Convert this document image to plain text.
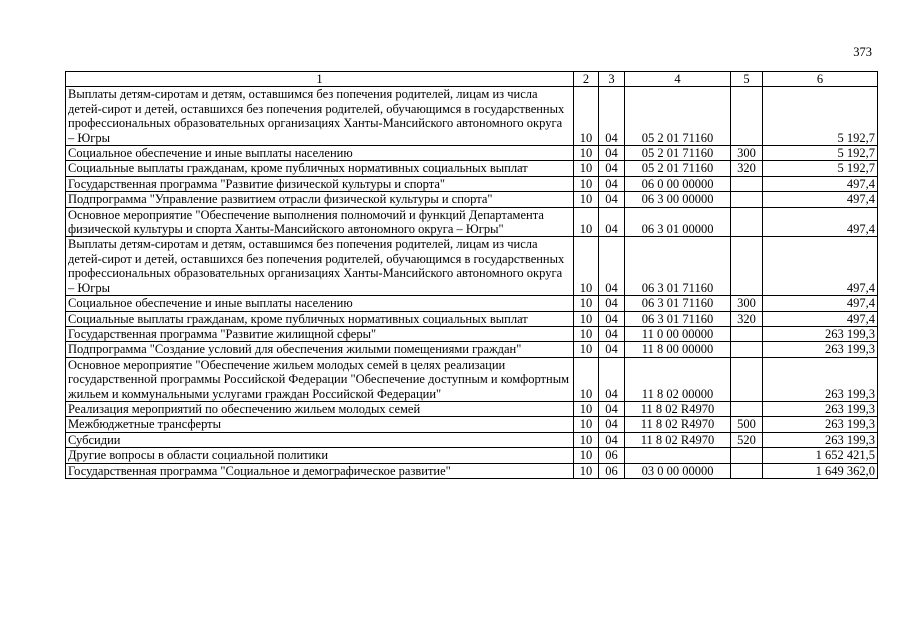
373
1	2	3	4	5	6
Выплаты детям-сиротам и детям, оставшимся без попечения родителей, лицам из числа детей-сирот и детей, оставшихся без попечения родителей, обучающимся в государственных профессиональных образовательных организациях Ханты-Мансийского автономного округа – Югры	10	04	05 2 01 71160		5 192,7
Социальное обеспечение и иные выплаты населению	10	04	05 2 01 71160	300	5 192,7
Социальные выплаты гражданам, кроме публичных нормативных социальных выплат	10	04	05 2 01 71160	320	5 192,7
Государственная программа "Развитие физической культуры и спорта"	10	04	06 0 00 00000		497,4
Подпрограмма "Управление развитием отрасли физической культуры и спорта"	10	04	06 3 00 00000		497,4
Основное мероприятие "Обеспечение выполнения полномочий и функций Департамента физической культуры и спорта Ханты-Мансийского автономного округа – Югры"	10	04	06 3 01 00000		497,4
Выплаты детям-сиротам и детям, оставшимся без попечения родителей, лицам из числа детей-сирот и детей, оставшихся без попечения родителей, обучающимся в государственных профессиональных образовательных организациях Ханты-Мансийского автономного округа – Югры	10	04	06 3 01 71160		497,4
Социальное обеспечение и иные выплаты населению	10	04	06 3 01 71160	300	497,4
Социальные выплаты гражданам, кроме публичных нормативных социальных выплат	10	04	06 3 01 71160	320	497,4
Государственная программа "Развитие жилищной сферы"	10	04	11 0 00 00000		263 199,3
Подпрограмма "Создание условий для обеспечения жилыми помещениями граждан"	10	04	11 8 00 00000		263 199,3
Основное мероприятие "Обеспечение жильем молодых семей в целях реализации государственной программы Российской Федерации "Обеспечение доступным и комфортным жильем и коммунальными услугами граждан Российской Федерации"	10	04	11 8 02 00000		263 199,3
Реализация мероприятий по обеспечению жильем молодых семей	10	04	11 8 02 R4970		263 199,3
Межбюджетные трансферты	10	04	11 8 02 R4970	500	263 199,3
Субсидии	10	04	11 8 02 R4970	520	263 199,3
Другие вопросы в области социальной политики	10	06			1 652 421,5
Государственная программа "Социальное и демографическое развитие"	10	06	03 0 00 00000		1 649 362,0
